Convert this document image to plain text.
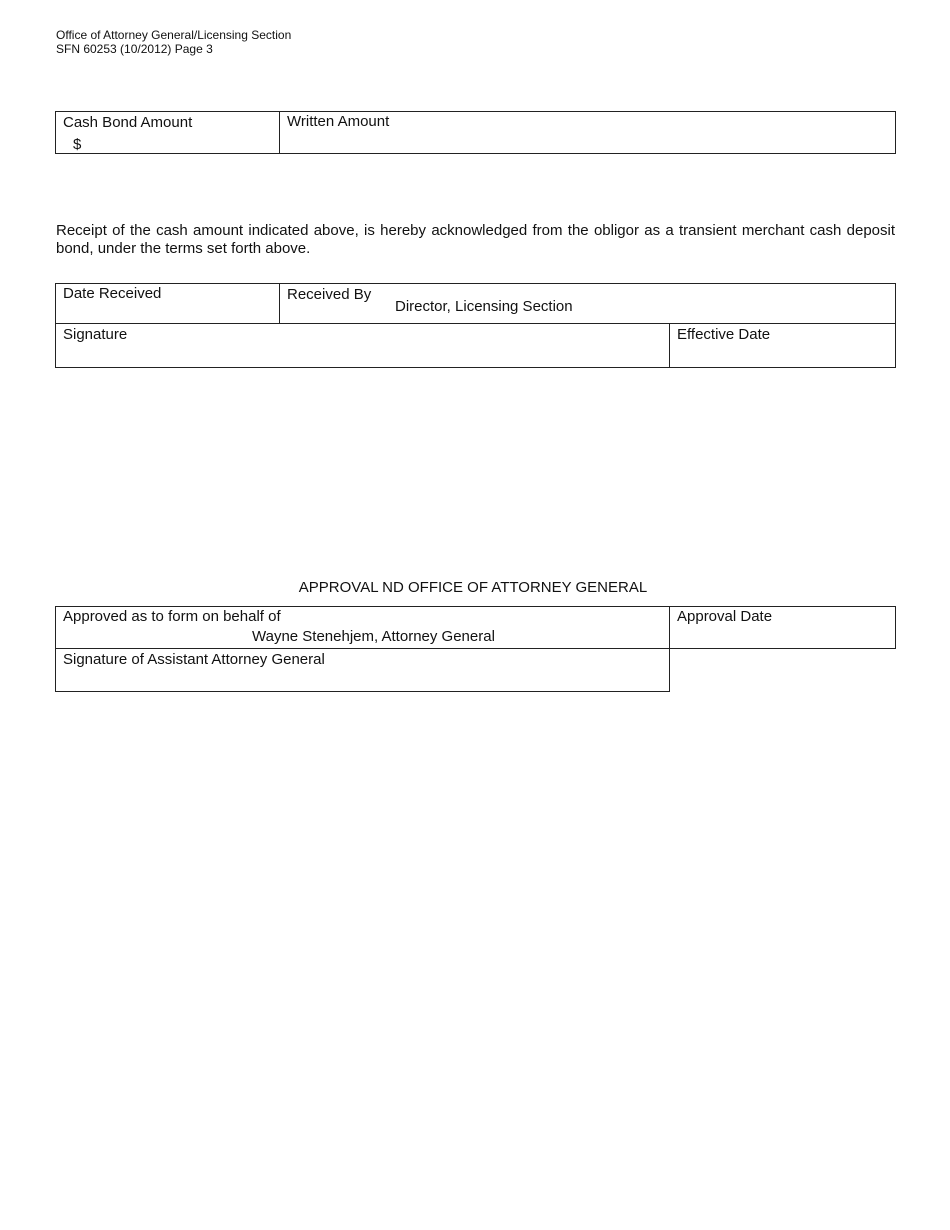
Office of Attorney General/Licensing Section
SFN 60253 (10/2012) Page 3
Cash Bond Amount
$
Written Amount
Receipt of the cash amount indicated above, is hereby acknowledged from the obligor as a transient merchant cash deposit bond, under the terms set forth above.
Date Received	Received By
Director, Licensing Section
Signature	Effective Date
APPROVAL ND OFFICE OF ATTORNEY GENERAL
Approved as to form on behalf of
Wayne Stenehjem, Attorney General
Approval Date
Signature of Assistant Attorney General
